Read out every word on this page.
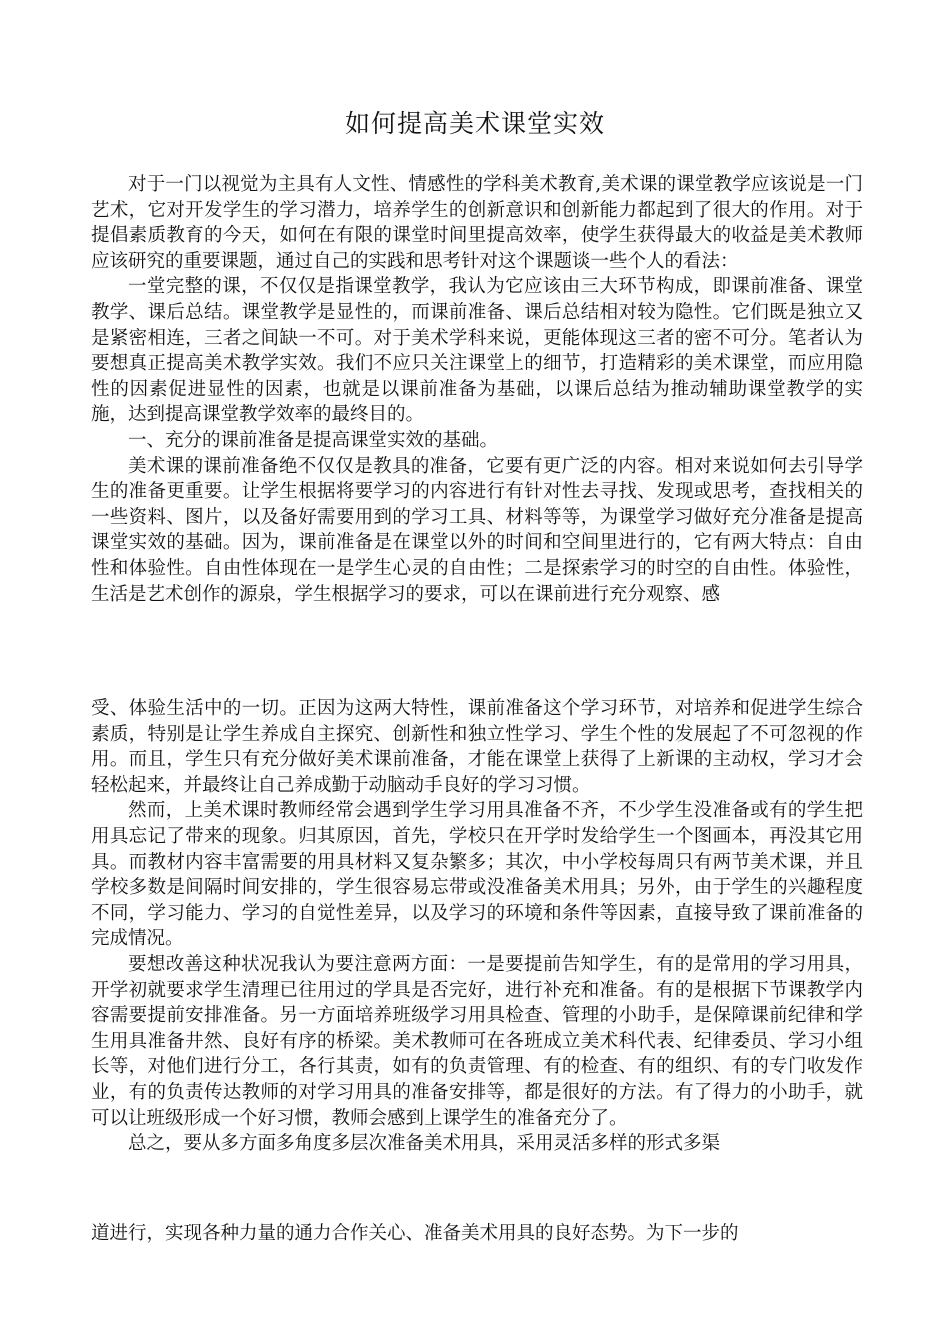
如何提高美术课堂实效

对于一门以视觉为主具有人文性、情感性的学科美术教育,美术课的课堂教学应该说是一门艺术，它对开发学生的学习潜力，培养学生的创新意识和创新能力都起到了很大的作用。对于提倡素质教育的今天，如何在有限的课堂时间里提高效率，使学生获得最大的收益是美术教师应该研究的重要课题，通过自己的实践和思考针对这个课题谈一些个人的看法：

一堂完整的课，不仅仅是指课堂教学，我认为它应该由三大环节构成，即课前准备、课堂教学、课后总结。课堂教学是显性的，而课前准备、课后总结相对较为隐性。它们既是独立又是紧密相连，三者之间缺一不可。对于美术学科来说，更能体现这三者的密不可分。笔者认为要想真正提高美术教学实效。我们不应只关注课堂上的细节，打造精彩的美术课堂，而应用隐性的因素促进显性的因素，也就是以课前准备为基础，以课后总结为推动辅助课堂教学的实施，达到提高课堂教学效率的最终目的。

一、充分的课前准备是提高课堂实效的基础。

美术课的课前准备绝不仅仅是教具的准备，它要有更广泛的内容。相对来说如何去引导学生的准备更重要。让学生根据将要学习的内容进行有针对性去寻找、发现或思考，查找相关的一些资料、图片，以及备好需要用到的学习工具、材料等等，为课堂学习做好充分准备是提高课堂实效的基础。因为，课前准备是在课堂以外的时间和空间里进行的，它有两大特点：自由性和体验性。自由性体现在一是学生心灵的自由性；二是探索学习的时空的自由性。体验性，生活是艺术创作的源泉，学生根据学习的要求，可以在课前进行充分观察、感

受、体验生活中的一切。正因为这两大特性，课前准备这个学习环节，对培养和促进学生综合素质，特别是让学生养成自主探究、创新性和独立性学习、学生个性的发展起了不可忽视的作用。而且，学生只有充分做好美术课前准备，才能在课堂上获得了上新课的主动权，学习才会轻松起来，并最终让自己养成勤于动脑动手良好的学习习惯。

然而，上美术课时教师经常会遇到学生学习用具准备不齐，不少学生没准备或有的学生把用具忘记了带来的现象。归其原因，首先，学校只在开学时发给学生一个图画本，再没其它用具。而教材内容丰富需要的用具材料又复杂繁多；其次，中小学校每周只有两节美术课，并且学校多数是间隔时间安排的，学生很容易忘带或没准备美术用具；另外，由于学生的兴趣程度不同，学习能力、学习的自觉性差异，以及学习的环境和条件等因素，直接导致了课前准备的完成情况。

要想改善这种状况我认为要注意两方面：一是要提前告知学生，有的是常用的学习用具，开学初就要求学生清理已往用过的学具是否完好，进行补充和准备。有的是根据下节课教学内容需要提前安排准备。另一方面培养班级学习用具检查、管理的小助手，是保障课前纪律和学生用具准备井然、良好有序的桥梁。美术教师可在各班成立美术科代表、纪律委员、学习小组长等，对他们进行分工，各行其责，如有的负责管理、有的检查、有的组织、有的专门收发作业，有的负责传达教师的对学习用具的准备安排等，都是很好的方法。有了得力的小助手，就可以让班级形成一个好习惯，教师会感到上课学生的准备充分了。

总之，要从多方面多角度多层次准备美术用具，采用灵活多样的形式多渠

道进行，实现各种力量的通力合作关心、准备美术用具的良好态势。为下一步的
